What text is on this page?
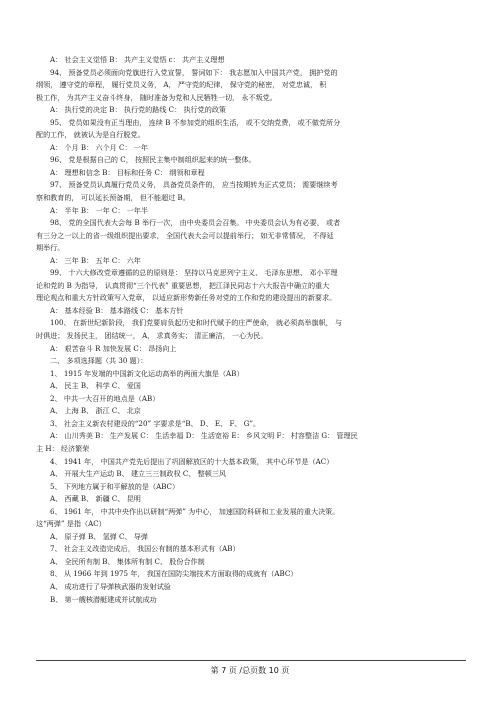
A： 社会主义觉悟 B： 共产主义觉悟 c： 共产主义理想
94、 预备党员必须面向党旗进行入党宣誓， 誓词如下： 我志愿加入中国共产党， 拥护党的
纲领， 遵守党的章程， 履行党员义务， A， 严守党的纪律， 保守党的秘密， 对党忠诚， 积
极工作， 为共产主义奋斗终身， 随时准备为党和人民牺牲一切， 永不叛党。
A： 执行党的决定 B： 执行党的路线 C： 执行党的政策
95、 党员如果没有正当理由， 连续 B 不参加党的组织生活， 或不交纳党费， 或不做党所分
配的工作， 就被认为是自行脱党。
A： 个月 B： 六个月 C： 一年
96、 党是根据自己的 C， 按照民主集中制组织起来的统一整体。
A： 理想和信念 B： 目标和任务 C： 纲领和章程
97、 预备党员认真履行党员义务， 具备党员条件的， 应当按期转为正式党员； 需要继续考
察和教育的， 可以延长预备期， 但不能超过 B。
A： 半年 B： 一年 C： 一年半
98、 党的全国代表大会每 B 举行一次， 由中央委员会召集。 中央委员会认为有必要， 或者
有三分之一以上的省一级组织提出要求， 全国代表大会可以提前举行； 如无非常情况， 不得延
期举行。
A： 三年 B： 五年 C： 六年
99、 十六大修改党章遵循的总的原则是： 坚持以马克思列宁主义、 毛泽东思想、 邓小平理
论和党的 B 为指导， 认真贯彻“三个代表” 重要思想， 把江泽民同志十六大报告中确立的重大
理论观点和重大方针政策写入党章， 以适应新形势新任务对党的工作和党的建设提出的新要求。
A： 基本经验 B： 基本路线 C： 基本方针
100、 在新世纪新阶段， 我们党要肩负起历史和时代赋予的庄严使命， 就必须高举旗帜， 与
时俱进； 发扬民主， 团结统一， A， 求真务实； 清正廉洁， 一心为民。
A： 艰苦奋斗 R 加快发展 C： 昂扬向上
二、 多项选择题（共 30 题）：
1、 1915 年发端的中国新文化运动高举的两面大旗是（AB）
A、 民主 B、 科学 C、 爱国
2、 中共一大召开的地点是（AB）
A、 上海 B、 浙江 C、 北京
3、 社会主义新农村建设的“20” 字要求是“B、 D、 E、 F、 G”。
A： 山川秀美 B： 生产发展 C： 生活幸福 D： 生活宽裕 E： 乡风文明 F： 村容整洁 G： 管理民
主 H： 经济繁荣
4、 1941 年， 中国共产党先后提出了巩固解放区的十大基本政策， 其中心环节是（AC）
A、 开展大生产运动 B、 建立三三制政权 C、 整顿三风
5、 下列地方属于和平解放的是（ABC）
A、 西藏 B、 新疆 C、 昆明
6、 1961 年， 中共中央作出以研制“两弹” 为中心， 加速国防科研和工业发展的重大决策。
这“两弹” 是指（AC）
A、 原子弹 B、 氢弹 C、 导弹
7、 社会主义改造完成后， 我国公有制的基本形式有（AB）
A、 全民所有制 B、 集体所有制 C、 股份合作制
8、 从 1966 年到 1975 年， 我国在国防尖端技术方面取得的成就有（ABC）
A、 成功进行了导弹核武器的发射试验
B、 第一艘核潜艇建成并试航成功
第 7 页 /总页数 10 页
